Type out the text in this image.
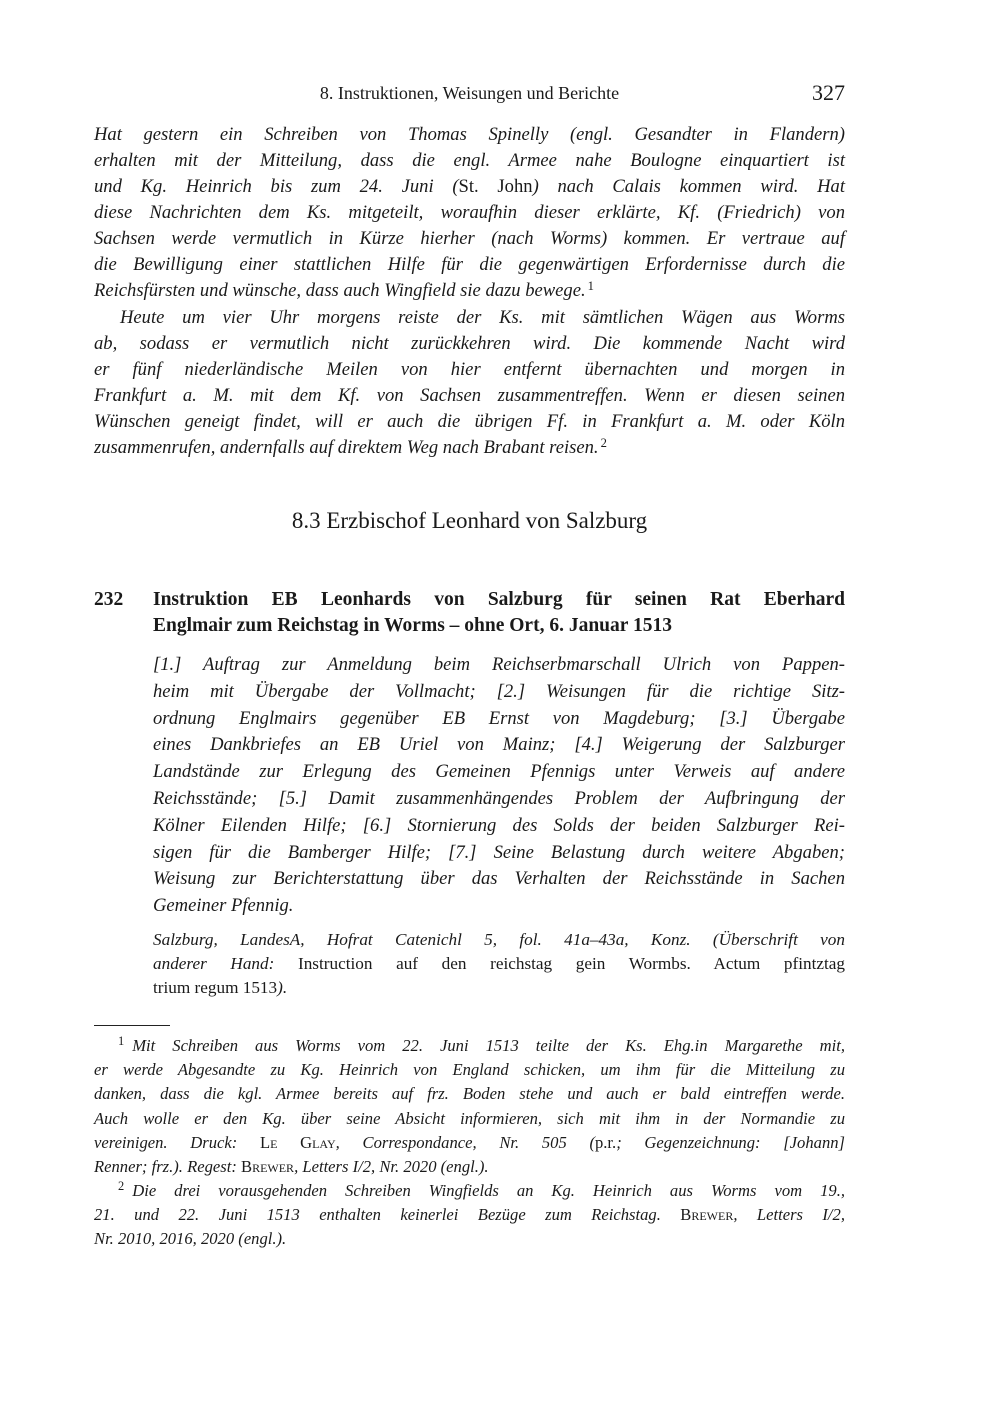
8. Instruktionen, Weisungen und Berichte	327
Hat gestern ein Schreiben von Thomas Spinelly (engl. Gesandter in Flandern)
erhalten mit der Mitteilung, dass die engl. Armee nahe Boulogne einquartiert ist
und Kg. Heinrich bis zum 24. Juni (St. John) nach Calais kommen wird. Hat
diese Nachrichten dem Ks. mitgeteilt, woraufhin dieser erklärte, Kf. (Friedrich) von
Sachsen werde vermutlich in Kürze hierher (nach Worms) kommen. Er vertraue auf
die Bewilligung einer stattlichen Hilfe für die gegenwärtigen Erfordernisse durch die
Reichsfürsten und wünsche, dass auch Wingfield sie dazu bewege. $^1$
Heute um vier Uhr morgens reiste der Ks. mit sämtlichen Wägen aus Worms
ab, sodass er vermutlich nicht zurückkehren wird. Die kommende Nacht wird
er fünf niederländische Meilen von hier entfernt übernachten und morgen in
Frankfurt a. M. mit dem Kf. von Sachsen zusammentreffen. Wenn er diesen seinen
Wünschen geneigt findet, will er auch die übrigen Ff. in Frankfurt a. M. oder Köln
zusammenrufen, andernfalls auf direktem Weg nach Brabant reisen. $^2$
8.3 Erzbischof Leonhard von Salzburg
232 Instruktion EB Leonhards von Salzburg für seinen Rat Eberhard
Englmair zum Reichstag in Worms – ohne Ort, 6. Januar 1513
[1.] Auftrag zur Anmeldung beim Reichserbmarschall Ulrich von Pappen-
heim mit Übergabe der Vollmacht; [2.] Weisungen für die richtige Sitz-
ordnung Englmairs gegenüber EB Ernst von Magdeburg; [3.] Übergabe
eines Dankbriefes an EB Uriel von Mainz; [4.] Weigerung der Salzburger
Landstände zur Erlegung des Gemeinen Pfennigs unter Verweis auf andere
Reichsstände; [5.] Damit zusammenhängendes Problem der Aufbringung der
Kölner Eilenden Hilfe; [6.] Stornierung des Solds der beiden Salzburger Rei-
sigen für die Bamberger Hilfe; [7.] Seine Belastung durch weitere Abgaben;
Weisung zur Berichterstattung über das Verhalten der Reichsstände in Sachen
Gemeiner Pfennig.
Salzburg, LandesA, Hofrat Catenichl 5, fol. 41a–43a, Konz. (Überschrift von
anderer Hand: Instruction auf den reichstag gein Wormbs. Actum pfintztag
trium regum 1513).
$^1$ Mit Schreiben aus Worms vom 22. Juni 1513 teilte der Ks. Ehg.in Margarethe mit,
er werde Abgesandte zu Kg. Heinrich von England schicken, um ihm für die Mitteilung zu
danken, dass die kgl. Armee bereits auf frz. Boden stehe und auch er bald eintreffen werde.
Auch wolle er den Kg. über seine Absicht informieren, sich mit ihm in der Normandie zu
vereinigen. Druck: Le Glay, Correspondance, Nr. 505 (p.r.; Gegenzeichnung: [Johann]
Renner; frz.). Regest: Brewer, Letters I/2, Nr. 2020 (engl.).
$^2$ Die drei vorausgehenden Schreiben Wingfields an Kg. Heinrich aus Worms vom 19.,
21. und 22. Juni 1513 enthalten keinerlei Bezüge zum Reichstag. Brewer, Letters I/2,
Nr. 2010, 2016, 2020 (engl.).
